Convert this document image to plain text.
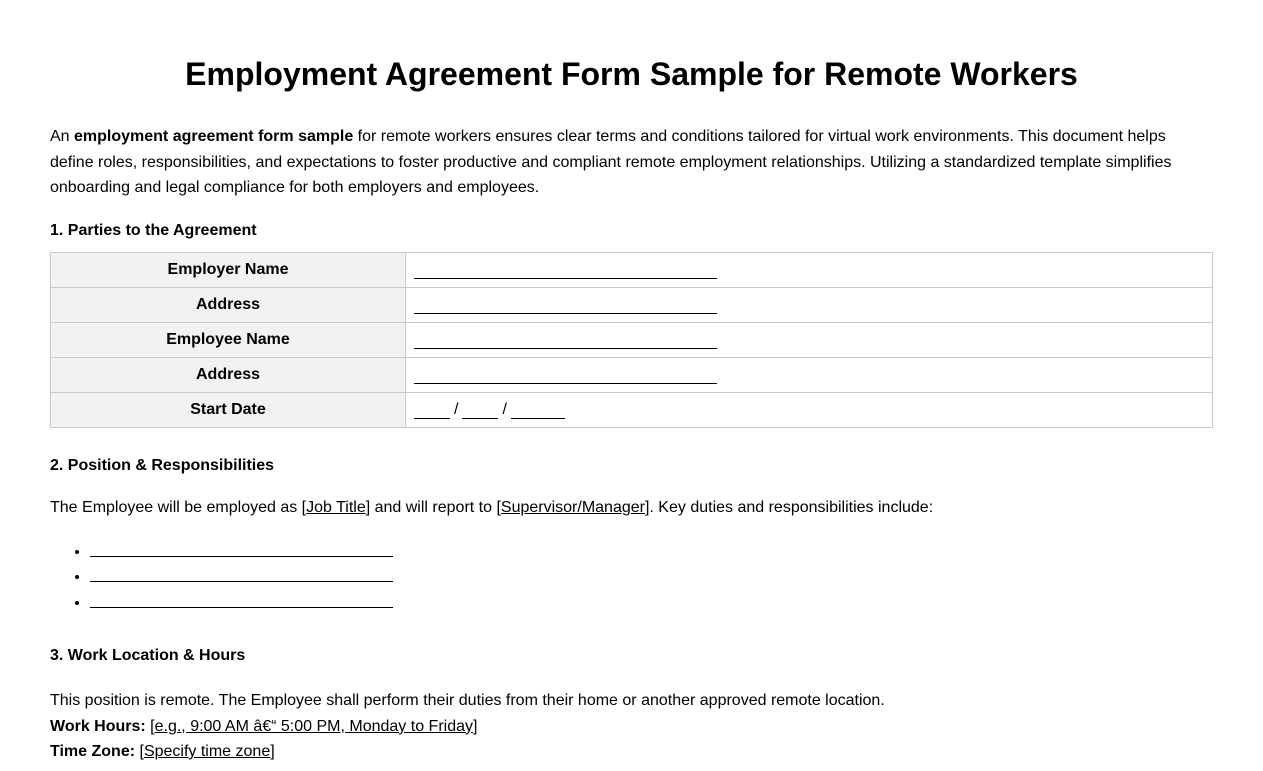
Employment Agreement Form Sample for Remote Workers

An employment agreement form sample for remote workers ensures clear terms and conditions tailored for virtual work environments. This document helps define roles, responsibilities, and expectations to foster productive and compliant remote employment relationships. Utilizing a standardized template simplifies onboarding and legal compliance for both employers and employees.

1. Parties to the Agreement
Employer Name	
Address	
Employee Name	
Address	
Start Date	/ /
2. Position & Responsibilities

The Employee will be employed as [Job Title] and will report to [Supervisor/Manager]. Key duties and responsibilities include:

•
•
•
3. Work Location & Hours

This position is remote. The Employee shall perform their duties from their home or another approved remote location.

Work Hours: [e.g., 9:00 AM â€“ 5:00 PM, Monday to Friday]

Time Zone: [Specify time zone]
